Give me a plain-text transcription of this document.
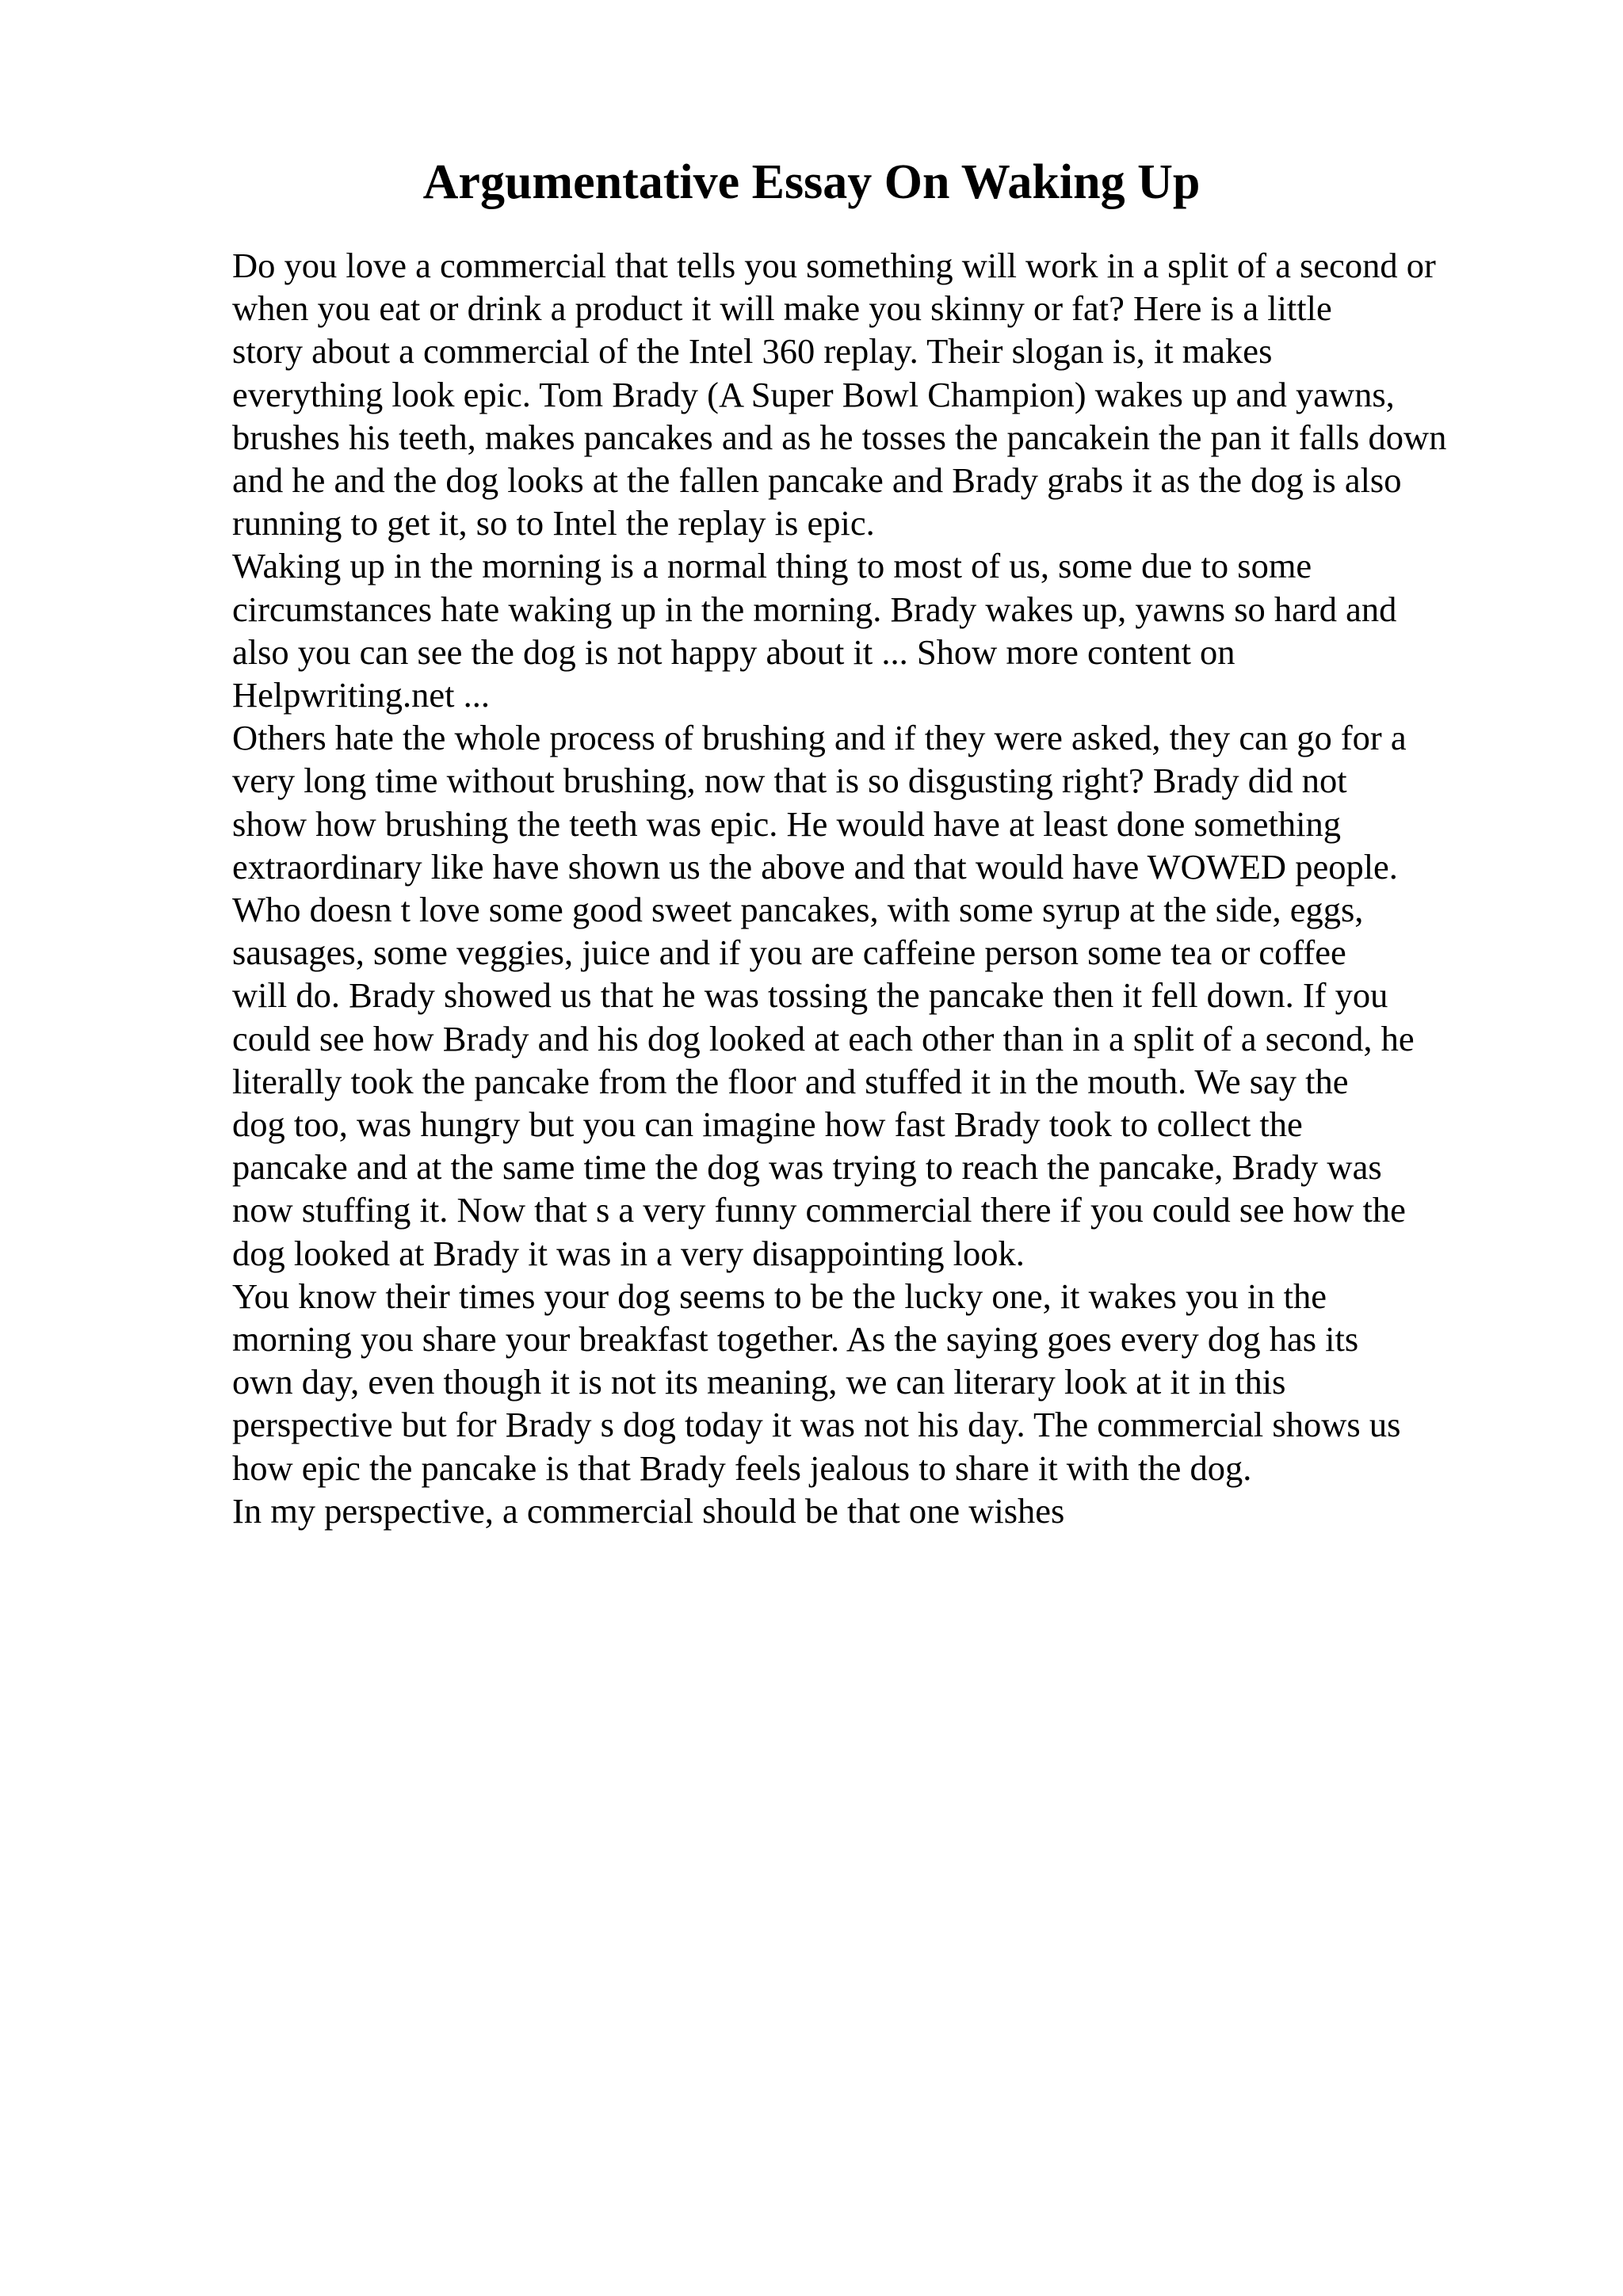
Argumentative Essay On Waking Up
Do you love a commercial that tells you something will work in a split of a second or
when you eat or drink a product it will make you skinny or fat? Here is a little
story about a commercial of the Intel 360 replay. Their slogan is, it makes
everything look epic. Tom Brady (A Super Bowl Champion) wakes up and yawns,
brushes his teeth, makes pancakes and as he tosses the pancakein the pan it falls down
and he and the dog looks at the fallen pancake and Brady grabs it as the dog is also
running to get it, so to Intel the replay is epic.
Waking up in the morning is a normal thing to most of us, some due to some
circumstances hate waking up in the morning. Brady wakes up, yawns so hard and
also you can see the dog is not happy about it ... Show more content on
Helpwriting.net ...
Others hate the whole process of brushing and if they were asked, they can go for a
very long time without brushing, now that is so disgusting right? Brady did not
show how brushing the teeth was epic. He would have at least done something
extraordinary like have shown us the above and that would have WOWED people.
Who doesn t love some good sweet pancakes, with some syrup at the side, eggs,
sausages, some veggies, juice and if you are caffeine person some tea or coffee
will do. Brady showed us that he was tossing the pancake then it fell down. If you
could see how Brady and his dog looked at each other than in a split of a second, he
literally took the pancake from the floor and stuffed it in the mouth. We say the
dog too, was hungry but you can imagine how fast Brady took to collect the
pancake and at the same time the dog was trying to reach the pancake, Brady was
now stuffing it. Now that s a very funny commercial there if you could see how the
dog looked at Brady it was in a very disappointing look.
You know their times your dog seems to be the lucky one, it wakes you in the
morning you share your breakfast together. As the saying goes every dog has its
own day, even though it is not its meaning, we can literary look at it in this
perspective but for Brady s dog today it was not his day. The commercial shows us
how epic the pancake is that Brady feels jealous to share it with the dog.
In my perspective, a commercial should be that one wishes
